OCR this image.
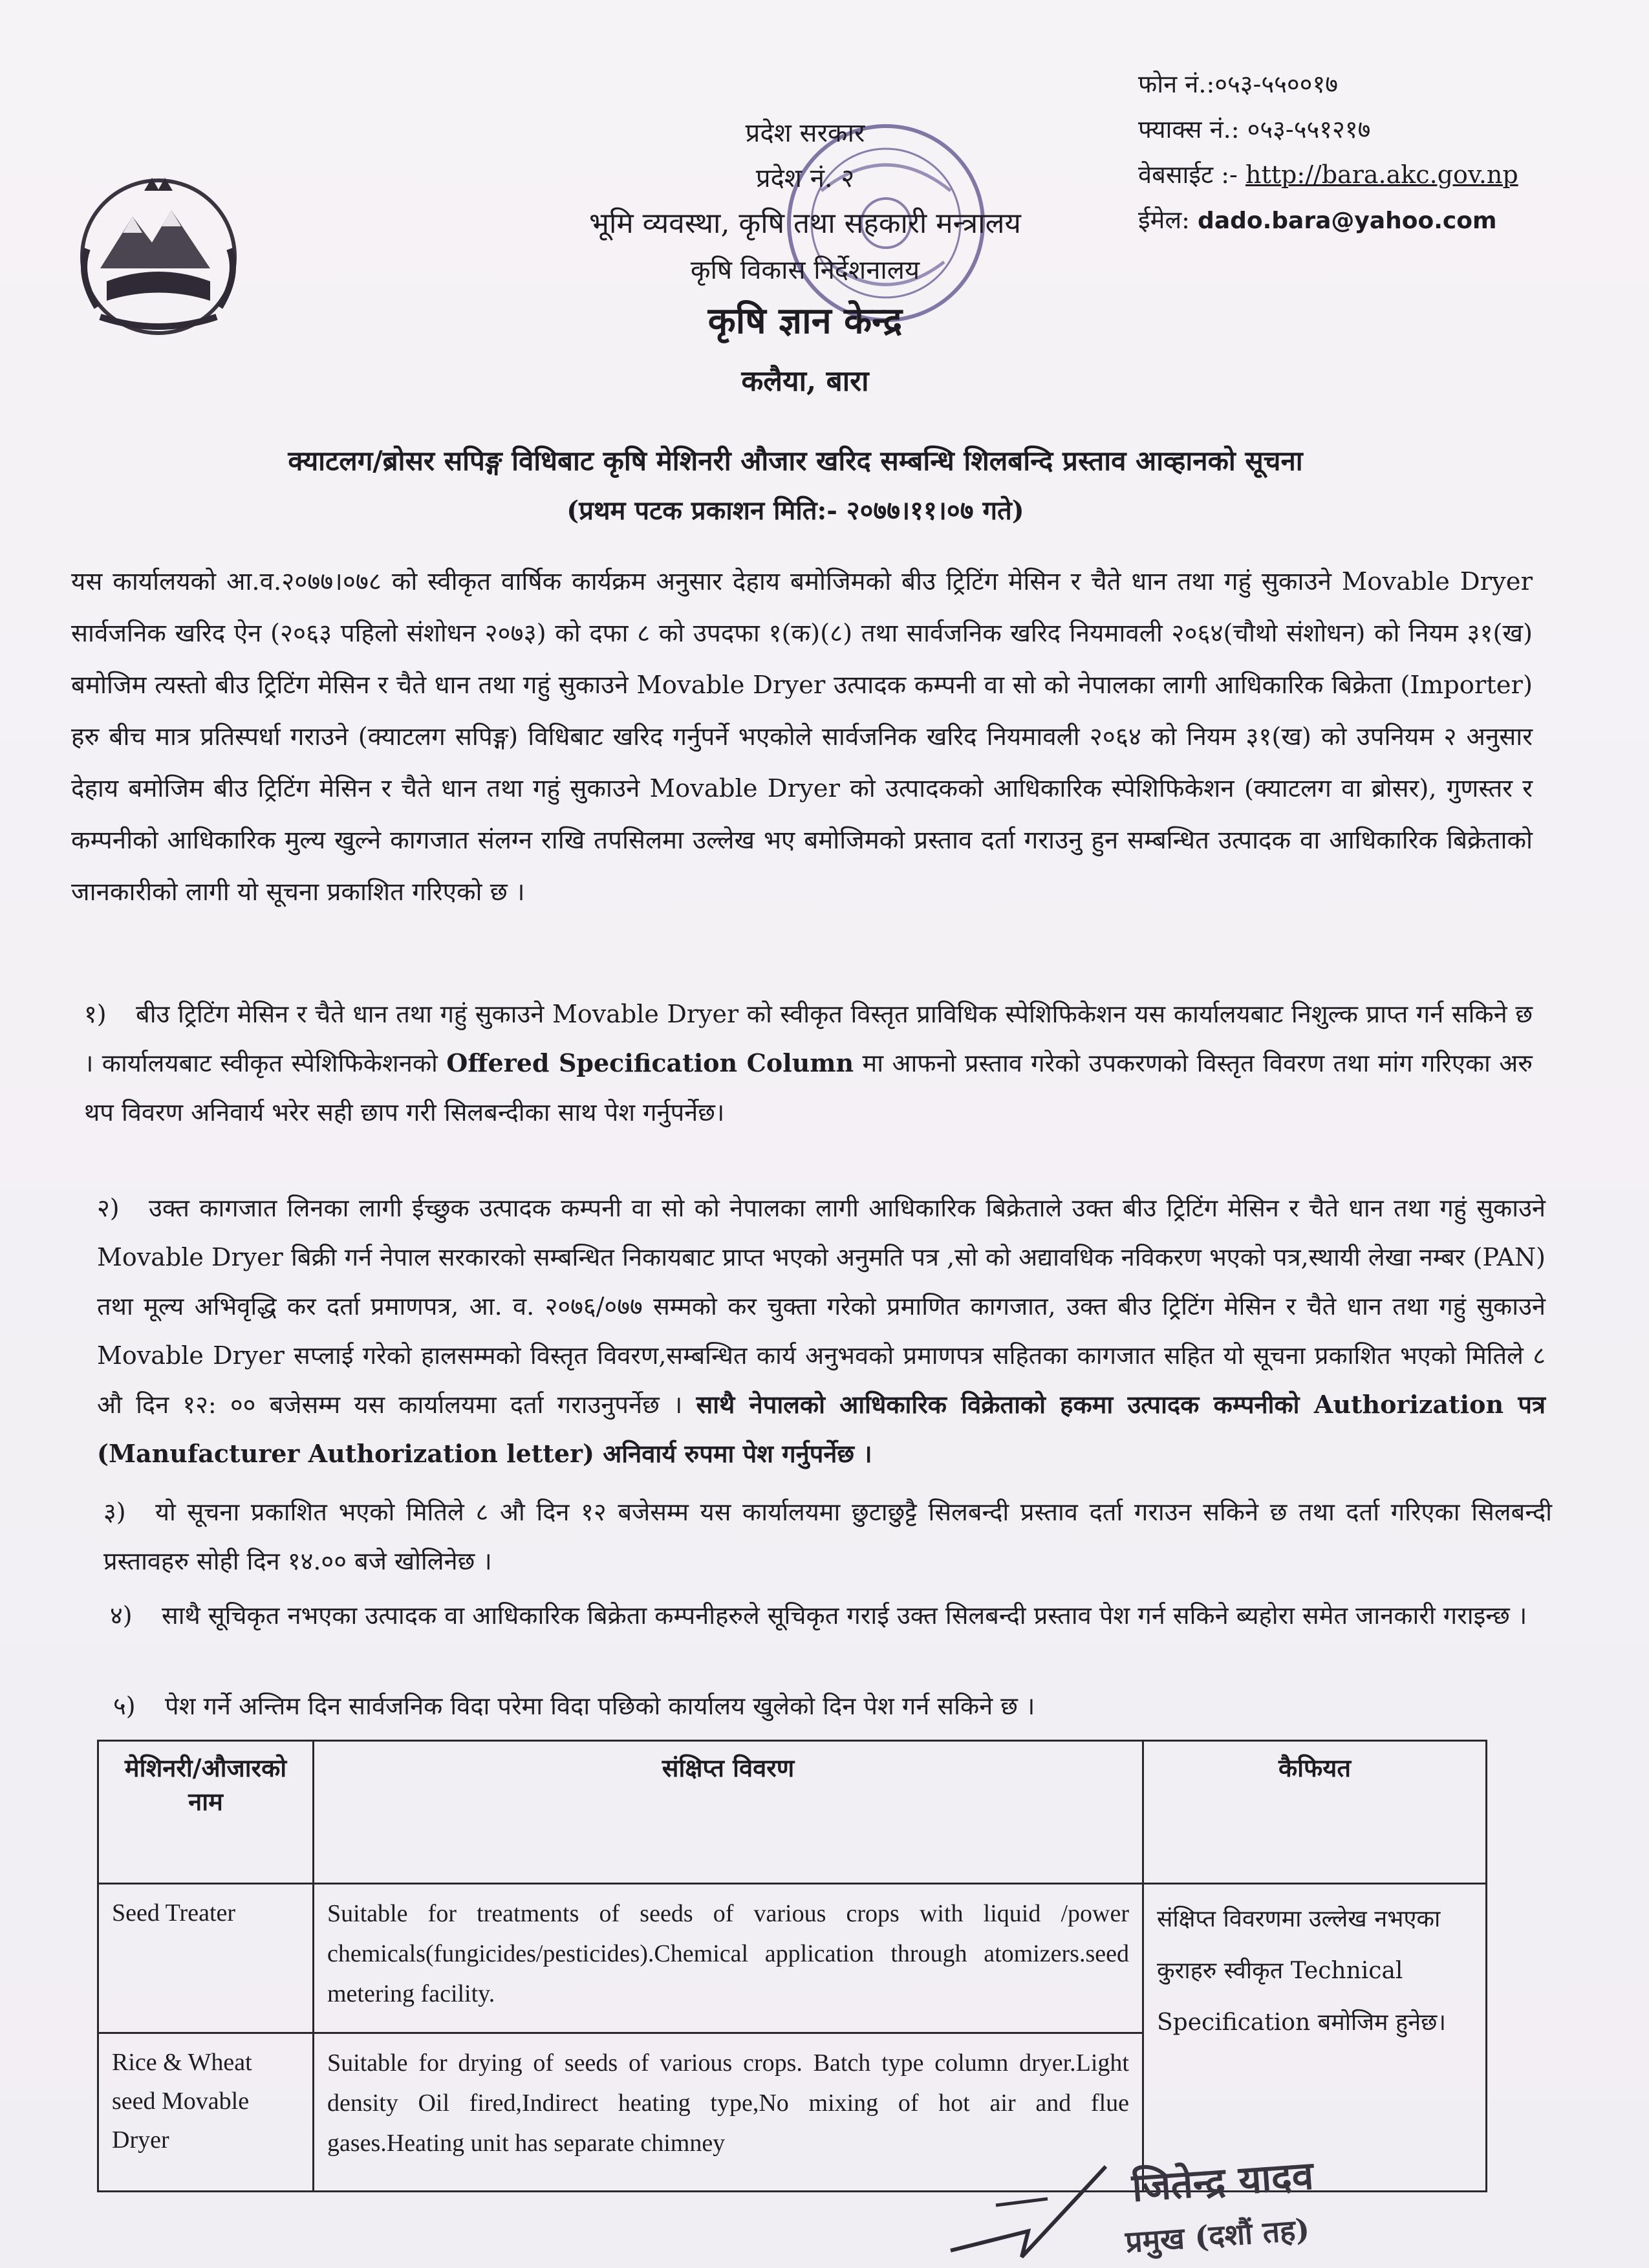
प्रदेश सरकार
प्रदेश नं. २
भूमि व्यवस्था, कृषि तथा सहकारी मन्त्रालय
कृषि विकास निर्देशनालय
कृषि ज्ञान केन्द्र
कलैया, बारा
फोन नं.:०५३-५५००१७
फ्याक्स नं.: ०५३-५५१२१७
वेबसाईट :- http://bara.akc.gov.np
ईमेल: dado.bara@yahoo.com
क्याटलग/ब्रोसर सपिङ्ग विधिबाट कृषि मेशिनरी औजार खरिद सम्बन्धि शिलबन्दि प्रस्ताव आव्हानको सूचना
(प्रथम पटक प्रकाशन मिति:- २०७७।११।०७ गते)
यस कार्यालयको आ.व.२०७७।०७८ को स्वीकृत वार्षिक कार्यक्रम अनुसार देहाय बमोजिमको बीउ ट्रिटिंग मेसिन र चैते धान तथा गहुं सुकाउने Movable Dryer सार्वजनिक खरिद ऐन (२०६३ पहिलो संशोधन २०७३) को दफा ८ को उपदफा १(क)(८) तथा सार्वजनिक खरिद नियमावली २०६४(चौथो संशोधन) को नियम ३१(ख) बमोजिम त्यस्तो बीउ ट्रिटिंग मेसिन र चैते धान तथा गहुं सुकाउने Movable Dryer उत्पादक कम्पनी वा सो को नेपालका लागी आधिकारिक बिक्रेता (Importer) हरु बीच मात्र प्रतिस्पर्धा गराउने (क्याटलग सपिङ्ग) विधिबाट खरिद गर्नुपर्ने भएकोले सार्वजनिक खरिद नियमावली २०६४ को नियम ३१(ख) को उपनियम २ अनुसार देहाय बमोजिम बीउ ट्रिटिंग मेसिन र चैते धान तथा गहुं सुकाउने Movable Dryer को उत्पादकको आधिकारिक स्पेशिफिकेशन (क्याटलग वा ब्रोसर), गुणस्तर र कम्पनीको आधिकारिक मुल्य खुल्ने कागजात संलग्न राखि तपसिलमा उल्लेख भए बमोजिमको प्रस्ताव दर्ता गराउनु हुन सम्बन्धित उत्पादक वा आधिकारिक बिक्रेताको जानकारीको लागी यो सूचना प्रकाशित गरिएको छ ।
१) बीउ ट्रिटिंग मेसिन र चैते धान तथा गहुं सुकाउने Movable Dryer को स्वीकृत विस्तृत प्राविधिक स्पेशिफिकेशन यस कार्यालयबाट निशुल्क प्राप्त गर्न सकिने छ । कार्यालयबाट स्वीकृत स्पेशिफिकेशनको Offered Specification Column मा आफनो प्रस्ताव गरेको उपकरणको विस्तृत विवरण तथा मांग गरिएका अरु थप विवरण अनिवार्य भरेर सही छाप गरी सिलबन्दीका साथ पेश गर्नुपर्नेछ।
२) उक्त कागजात लिनका लागी ईच्छुक उत्पादक कम्पनी वा सो को नेपालका लागी आधिकारिक बिक्रेताले उक्त बीउ ट्रिटिंग मेसिन र चैते धान तथा गहुं सुकाउने Movable Dryer बिक्री गर्न नेपाल सरकारको सम्बन्धित निकायबाट प्राप्त भएको अनुमति पत्र ,सो को अद्यावधिक नविकरण भएको पत्र,स्थायी लेखा नम्बर (PAN) तथा मूल्य अभिवृद्धि कर दर्ता प्रमाणपत्र, आ. व. २०७६/०७७ सम्मको कर चुक्ता गरेको प्रमाणित कागजात, उक्त बीउ ट्रिटिंग मेसिन र चैते धान तथा गहुं सुकाउने Movable Dryer सप्लाई गरेको हालसम्मको विस्तृत विवरण,सम्बन्धित कार्य अनुभवको प्रमाणपत्र सहितका कागजात सहित यो सूचना प्रकाशित भएको मितिले ८ औ दिन १२: ०० बजेसम्म यस कार्यालयमा दर्ता गराउनुपर्नेछ । साथै नेपालको आधिकारिक विक्रेताको हकमा उत्पादक कम्पनीको Authorization पत्र (Manufacturer Authorization letter) अनिवार्य रुपमा पेश गर्नुपर्नेछ ।
३) यो सूचना प्रकाशित भएको मितिले ८ औ दिन १२ बजेसम्म यस कार्यालयमा छुटाछुट्टै सिलबन्दी प्रस्ताव दर्ता गराउन सकिने छ तथा दर्ता गरिएका सिलबन्दी प्रस्तावहरु सोही दिन १४.०० बजे खोलिनेछ ।
४) साथै सूचिकृत नभएका उत्पादक वा आधिकारिक बिक्रेता कम्पनीहरुले सूचिकृत गराई उक्त सिलबन्दी प्रस्ताव पेश गर्न सकिने ब्यहोरा समेत जानकारी गराइन्छ ।
५) पेश गर्ने अन्तिम दिन सार्वजनिक विदा परेमा विदा पछिको कार्यालय खुलेको दिन पेश गर्न सकिने छ ।
मेशिनरी/औजारको नाम	संक्षिप्त विवरण	कैफियत
Seed Treater	Suitable for treatments of seeds of various crops with liquid /power chemicals(fungicides/pesticides).Chemical application through atomizers.seed metering facility.	संक्षिप्त विवरणमा उल्लेख नभएका कुराहरु स्वीकृत Technical Specification बमोजिम हुनेछ।
Rice & Wheat seed Movable Dryer	Suitable for drying of seeds of various crops. Batch type column dryer.Light density Oil fired,Indirect heating type,No mixing of hot air and flue gases.Heating unit has separate chimney	
जितेन्द्र यादव
प्रमुख (दशौं तह)
